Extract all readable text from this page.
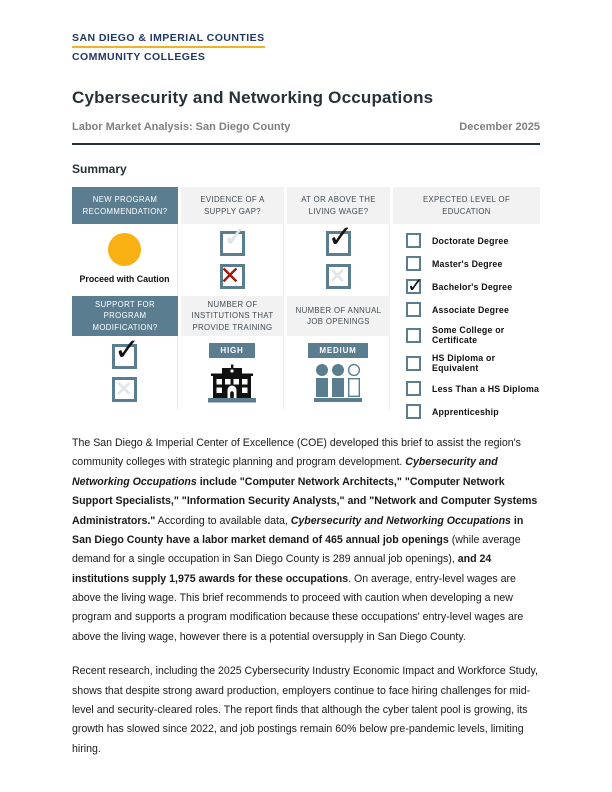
SAN DIEGO & IMPERIAL COUNTIES
COMMUNITY COLLEGES
Cybersecurity and Networking Occupations
Labor Market Analysis: San Diego County	December 2025
Summary
NEW PROGRAM RECOMMENDATION?
Proceed with Caution
SUPPORT FOR PROGRAM MODIFICATION?
EVIDENCE OF A SUPPLY GAP?
NUMBER OF INSTITUTIONS THAT PROVIDE TRAINING
HIGH
AT OR ABOVE THE LIVING WAGE?
NUMBER OF ANNUAL JOB OPENINGS
MEDIUM
EXPECTED LEVEL OF EDUCATION
Doctorate Degree
Master's Degree
✓
Bachelor's Degree
Associate Degree
Some College or Certificate
HS Diploma or Equivalent
Less Than a HS Diploma
Apprenticeship
The San Diego & Imperial Center of Excellence (COE) developed this brief to assist the region's community colleges with strategic planning and program development. Cybersecurity and Networking Occupations include "Computer Network Architects," "Computer Network Support Specialists," "Information Security Analysts," and "Network and Computer Systems Administrators." According to available data, Cybersecurity and Networking Occupations in San Diego County have a labor market demand of 465 annual job openings (while average demand for a single occupation in San Diego County is 289 annual job openings), and 24 institutions supply 1,975 awards for these occupations. On average, entry-level wages are above the living wage. This brief recommends to proceed with caution when developing a new program and supports a program modification because these occupations' entry-level wages are above the living wage, however there is a potential oversupply in San Diego County.
Recent research, including the 2025 Cybersecurity Industry Economic Impact and Workforce Study, shows that despite strong award production, employers continue to face hiring challenges for mid-level and security-cleared roles. The report finds that although the cyber talent pool is growing, its growth has slowed since 2022, and job postings remain 60% below pre-pandemic levels, limiting hiring.
